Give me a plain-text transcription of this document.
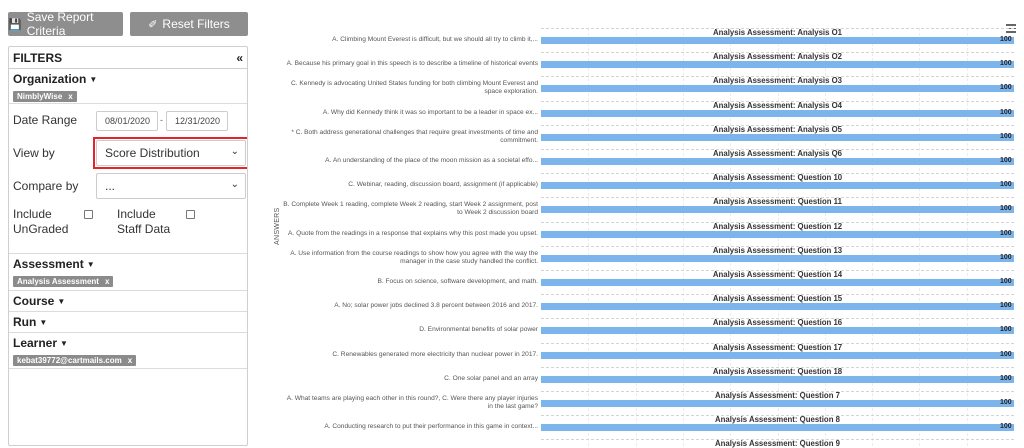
💾
Save Report Criteria	✐ Reset Filters
FILTERS	«
Organization ▼
NimblyWise x
Date Range	08/01/2020 - 12/31/2020
View by	Score Distribution	⌄
Compare by ...	⌄
Include
UnGraded
Include
Staff Data
Assessment ▼
Analysis Assessment x
Course ▼
Run ▼
Learner ▼
kebat39772@cartmails.com x
ANSWERS
Analysis Assessment: Analysis O1
A. Climbing Mount Everest is difficult, but we should all try to climb it,...	100
Analysis Assessment: Analysis O2
A. Because his primary goal in this speech is to describe a timeline of historical events	100
Analysis Assessment: Analysis O3
C. Kennedy is advocating United States funding for both climbing Mount Everest and space exploration.
100
Analysis Assessment: Analysis O4
A. Why did Kennedy think it was so important to be a leader in space ex...	100
Analysis Assessment: Analysis O5
* C. Both address generational challenges that require great investments of time and commitment.
100
Analysis Assessment: Analysis Q6
A. An understanding of the place of the moon mission as a societal effo...	100
Analysis Assessment: Question 10
C. Webinar, reading, discussion board, assignment (if applicable)	100
Analysis Assessment: Question 11
B. Complete Week 1 reading, complete Week 2 reading, start Week 2 assignment, post to Week 2 discussion board
100
Analysis Assessment: Question 12
A. Quote from the readings in a response that explains why this post made you upset.	100
Analysis Assessment: Question 13
A. Use information from the course readings to show how you agree with the way the manager in the case study handled the conflict.
100
Analysis Assessment: Question 14
B. Focus on science, software development, and math.	100
Analysis Assessment: Question 15
A. No; solar power jobs declined 3.8 percent between 2016 and 2017.	100
Analysis Assessment: Question 16
D. Environmental benefits of solar power	100
Analysis Assessment: Question 17
C. Renewables generated more electricity than nuclear power in 2017.	100
Analysis Assessment: Question 18
C. One solar panel and an array	100
Analysis Assessment: Question 7
A. What teams are playing each other in this round?, C. Were there any player injuries in the last game?
100
Analysis Assessment: Question 8
A. Conducting research to put their performance in this game in context...	100
Analysis Assessment: Question 9
